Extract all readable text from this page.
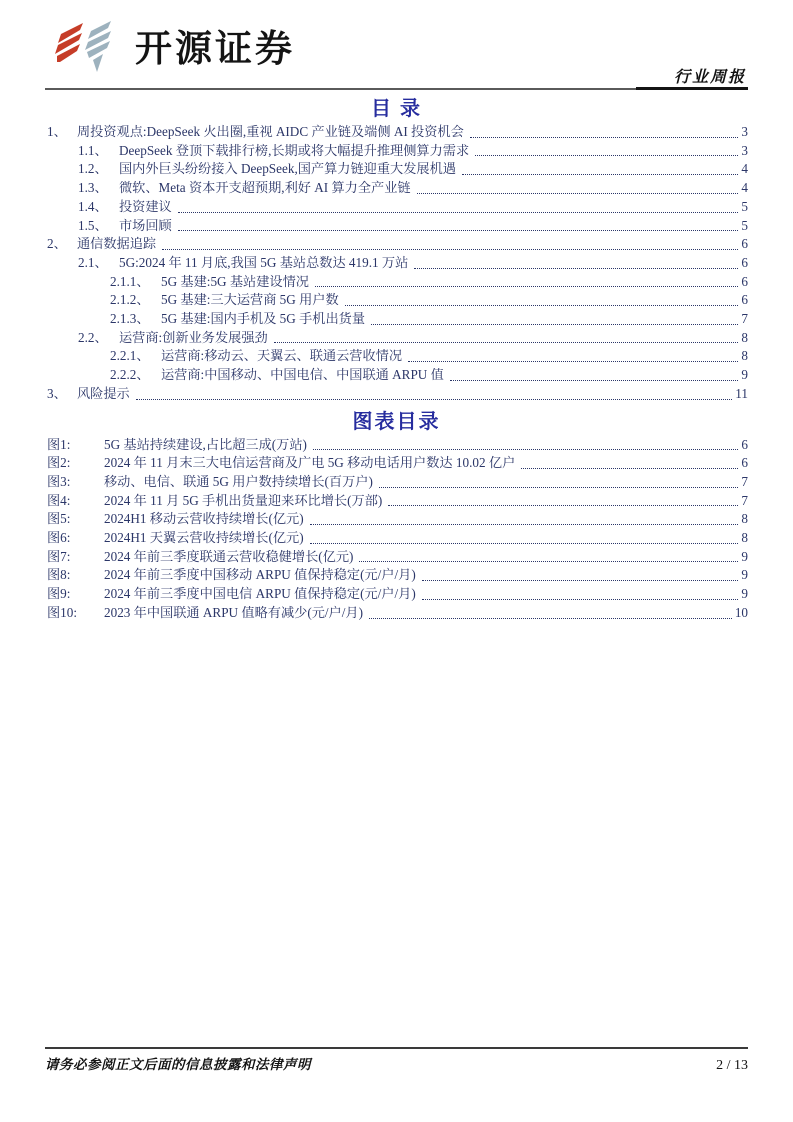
开源证券
行业周报
目 录
1、 周投资观点:DeepSeek 火出圈,重视 AIDC 产业链及端侧 AI 投资机会	3
1.1、 DeepSeek 登顶下载排行榜,长期或将大幅提升推理侧算力需求	3
1.2、 国内外巨头纷纷接入 DeepSeek,国产算力链迎重大发展机遇	4
1.3、 微软、Meta 资本开支超预期,利好 AI 算力全产业链	4
1.4、 投资建议	5
1.5、 市场回顾	5
2、 通信数据追踪	6
2.1、 5G:2024 年 11 月底,我国 5G 基站总数达 419.1 万站	6
2.1.1、 5G 基建:5G 基站建设情况	6
2.1.2、 5G 基建:三大运营商 5G 用户数	6
2.1.3、 5G 基建:国内手机及 5G 手机出货量	7
2.2、 运营商:创新业务发展强劲	8
2.2.1、 运营商:移动云、天翼云、联通云营收情况	8
2.2.2、 运营商:中国移动、中国电信、中国联通 ARPU 值	9
3、 风险提示	11
图表目录
图1:	5G 基站持续建设,占比超三成(万站)	6
图2:	2024 年 11 月末三大电信运营商及广电 5G 移动电话用户数达 10.02 亿户	6
图3:	移动、电信、联通 5G 用户数持续增长(百万户)	7
图4:	2024 年 11 月 5G 手机出货量迎来环比增长(万部)	7
图5:	2024H1 移动云营收持续增长(亿元)	8
图6:	2024H1 天翼云营收持续增长(亿元)	8
图7:	2024 年前三季度联通云营收稳健增长(亿元)	9
图8:	2024 年前三季度中国移动 ARPU 值保持稳定(元/户/月)	9
图9:	2024 年前三季度中国电信 ARPU 值保持稳定(元/户/月)	9
图10:	2023 年中国联通 ARPU 值略有减少(元/户/月)	10
请务必参阅正文后面的信息披露和法律声明	2 / 13
